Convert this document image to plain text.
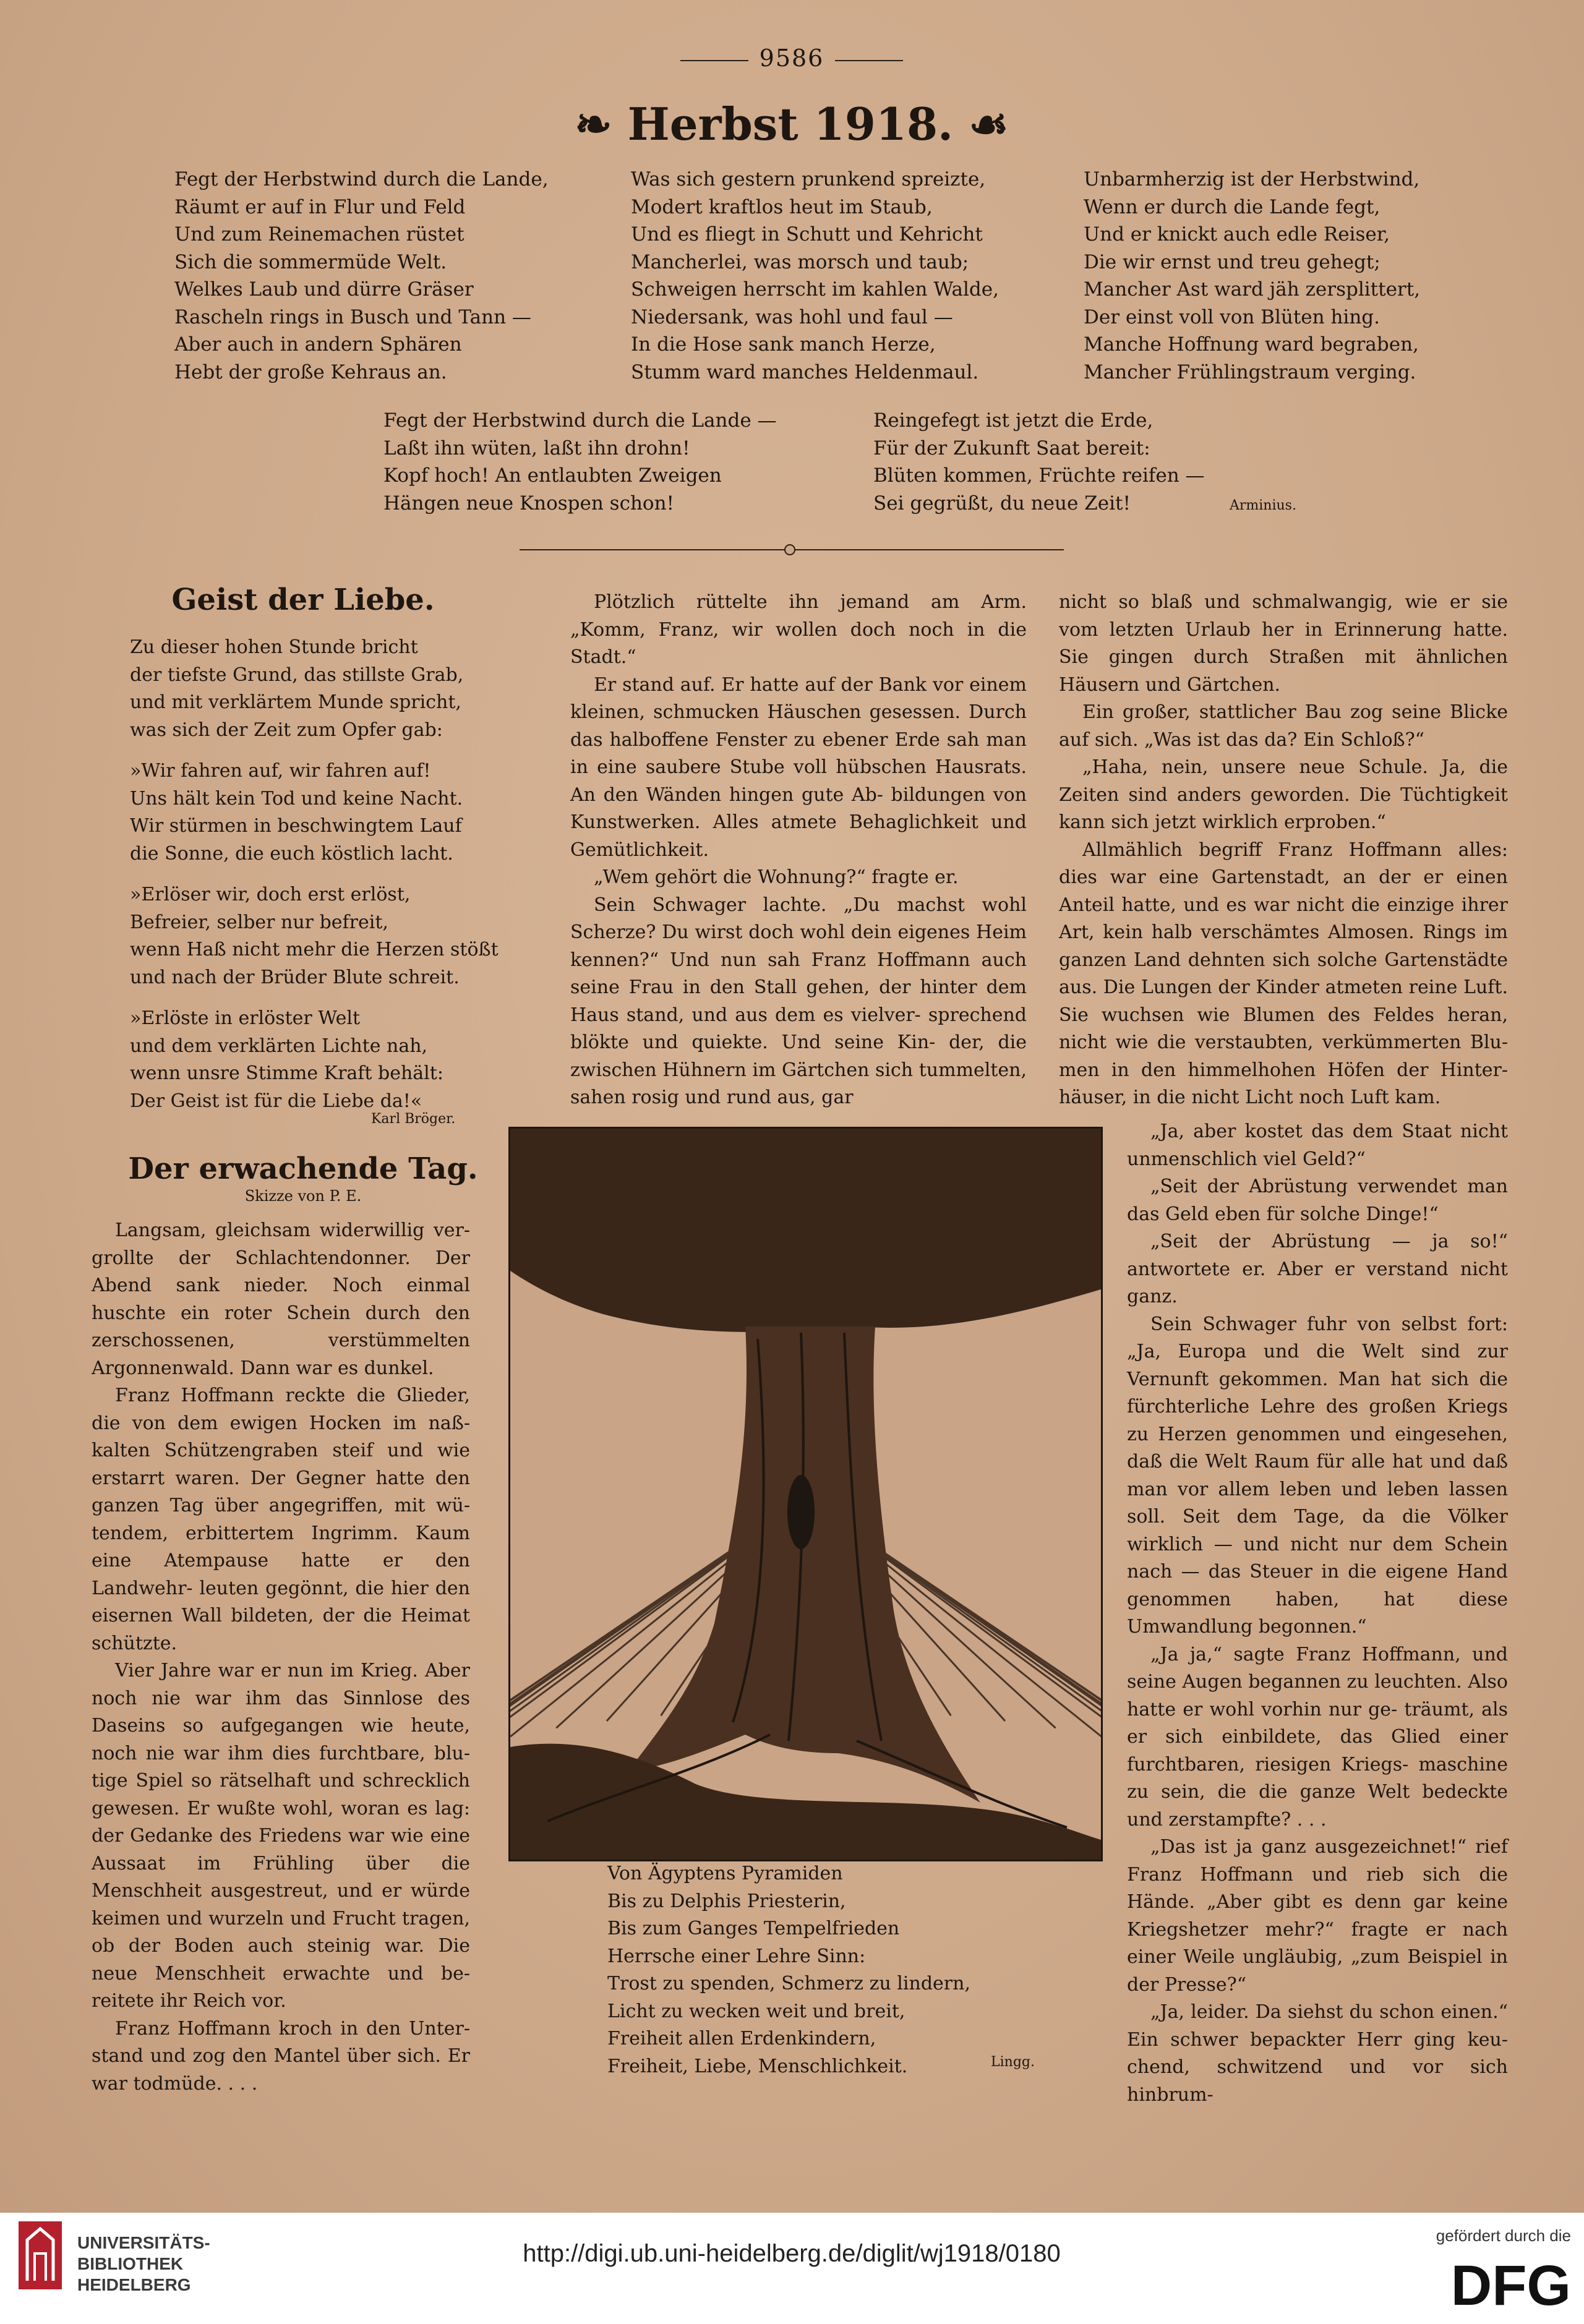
9586
❧ Herbst 1918. ☙

Fegt der Herbstwind durch die Lande,

Räumt er auf in Flur und Feld

Und zum Reinemachen rüstet

Sich die sommermüde Welt.

Welkes Laub und dürre Gräser

Rascheln rings in Busch und Tann —

Aber auch in andern Sphären

Hebt der große Kehraus an.

Was sich gestern prunkend spreizte,

Modert kraftlos heut im Staub,

Und es fliegt in Schutt und Kehricht

Mancherlei, was morsch und taub;

Schweigen herrscht im kahlen Walde,

Niedersank, was hohl und faul —

In die Hose sank manch Herze,

Stumm ward manches Heldenmaul.

Unbarmherzig ist der Herbstwind,

Wenn er durch die Lande fegt,

Und er knickt auch edle Reiser,

Die wir ernst und treu gehegt;

Mancher Ast ward jäh zersplittert,

Der einst voll von Blüten hing.

Manche Hoffnung ward begraben,

Mancher Frühlingstraum verging.

Fegt der Herbstwind durch die Lande —

Laßt ihn wüten, laßt ihn drohn!

Kopf hoch! An entlaubten Zweigen

Hängen neue Knospen schon!

Reingefegt ist jetzt die Erde,

Für der Zukunft Saat bereit:

Blüten kommen, Früchte reifen —

Sei gegrüßt, du neue Zeit!	Arminius.
Geist der Liebe.

Zu dieser hohen Stunde bricht

der tiefste Grund, das stillste Grab,

und mit verklärtem Munde spricht,

was sich der Zeit zum Opfer gab:

»Wir fahren auf, wir fahren auf!

Uns hält kein Tod und keine Nacht.

Wir stürmen in beschwingtem Lauf

die Sonne, die euch köstlich lacht.

»Erlöser wir, doch erst erlöst,

Befreier, selber nur befreit,

wenn Haß nicht mehr die Herzen stößt

und nach der Brüder Blute schreit.

»Erlöste in erlöster Welt

und dem verklärten Lichte nah,

wenn unsre Stimme Kraft behält:

Der Geist ist für die Liebe da!«

Karl Bröger.
Der erwachende Tag.
Skizze von P. E.

Langsam, gleichsam widerwillig ver- grollte der Schlachtendonner. Der Abend sank nieder. Noch einmal huschte ein roter Schein durch den zerschossenen, verstümmelten Argonnenwald. Dann war es dunkel.

Franz Hoffmann reckte die Glieder, die von dem ewigen Hocken im naß- kalten Schützengraben steif und wie erstarrt waren. Der Gegner hatte den ganzen Tag über angegriffen, mit wü- tendem, erbittertem Ingrimm. Kaum eine Atempause hatte er den Landwehr- leuten gegönnt, die hier den eisernen Wall bildeten, der die Heimat schützte.

Vier Jahre war er nun im Krieg. Aber noch nie war ihm das Sinnlose des Daseins so aufgegangen wie heute, noch nie war ihm dies furchtbare, blu- tige Spiel so rätselhaft und schrecklich gewesen. Er wußte wohl, woran es lag: der Gedanke des Friedens war wie eine Aussaat im Frühling über die Menschheit ausgestreut, und er würde keimen und wurzeln und Frucht tragen, ob der Boden auch steinig war. Die neue Menschheit erwachte und be- reitete ihr Reich vor.

Franz Hoffmann kroch in den Unter- stand und zog den Mantel über sich. Er war todmüde. . . .

Plötzlich rüttelte ihn jemand am Arm. „Komm, Franz, wir wollen doch noch in die Stadt.“

Er stand auf. Er hatte auf der Bank vor einem kleinen, schmucken Häuschen gesessen. Durch das halboffene Fenster zu ebener Erde sah man in eine saubere Stube voll hübschen Hausrats. An den Wänden hingen gute Ab- bildungen von Kunstwerken. Alles atmete Behaglichkeit und Gemütlichkeit.

„Wem gehört die Wohnung?“ fragte er.

Sein Schwager lachte. „Du machst wohl Scherze? Du wirst doch wohl dein eigenes Heim kennen?“ Und nun sah Franz Hoffmann auch seine Frau in den Stall gehen, der hinter dem Haus stand, und aus dem es vielver- sprechend blökte und quiekte. Und seine Kin- der, die zwischen Hühnern im Gärtchen sich tummelten, sahen rosig und rund aus, gar

nicht so blaß und schmalwangig, wie er sie vom letzten Urlaub her in Erinnerung hatte. Sie gingen durch Straßen mit ähnlichen Häusern und Gärtchen.

Ein großer, stattlicher Bau zog seine Blicke auf sich. „Was ist das da? Ein Schloß?“

„Haha, nein, unsere neue Schule. Ja, die Zeiten sind anders geworden. Die Tüchtigkeit kann sich jetzt wirklich erproben.“

Allmählich begriff Franz Hoffmann alles: dies war eine Gartenstadt, an der er einen Anteil hatte, und es war nicht die einzige ihrer Art, kein halb verschämtes Almosen. Rings im ganzen Land dehnten sich solche Gartenstädte aus. Die Lungen der Kinder atmeten reine Luft. Sie wuchsen wie Blumen des Feldes heran, nicht wie die verstaubten, verkümmerten Blu- men in den himmelhohen Höfen der Hinter- häuser, in die nicht Licht noch Luft kam.

„Ja, aber kostet das dem Staat nicht unmenschlich viel Geld?“

„Seit der Abrüstung verwendet man das Geld eben für solche Dinge!“

„Seit der Abrüstung — ja so!“ antwortete er. Aber er verstand nicht ganz.

Sein Schwager fuhr von selbst fort: „Ja, Europa und die Welt sind zur Vernunft gekommen. Man hat sich die fürchterliche Lehre des großen Kriegs zu Herzen genommen und eingesehen, daß die Welt Raum für alle hat und daß man vor allem leben und leben lassen soll. Seit dem Tage, da die Völker wirklich — und nicht nur dem Schein nach — das Steuer in die eigene Hand genommen haben, hat diese Umwandlung begonnen.“

„Ja ja,“ sagte Franz Hoffmann, und seine Augen begannen zu leuchten. Also hatte er wohl vorhin nur ge- träumt, als er sich einbildete, das Glied einer furchtbaren, riesigen Kriegs- maschine zu sein, die die ganze Welt bedeckte und zerstampfte? . . .

„Das ist ja ganz ausgezeichnet!“ rief Franz Hoffmann und rieb sich die Hände. „Aber gibt es denn gar keine Kriegshetzer mehr?“ fragte er nach einer Weile ungläubig, „zum Beispiel in der Presse?“

„Ja, leider. Da siehst du schon einen.“ Ein schwer bepackter Herr ging keu- chend, schwitzend und vor sich hinbrum-

Von Ägyptens Pyramiden

Bis zu Delphis Priesterin,

Bis zum Ganges Tempelfrieden

Herrsche einer Lehre Sinn:

Trost zu spenden, Schmerz zu lindern,

Licht zu wecken weit und breit,

Freiheit allen Erdenkindern,

Freiheit, Liebe, Menschlichkeit.	Lingg.
UNIVERSITÄTS-
BIBLIOTHEK
HEIDELBERG
http://digi.ub.uni-heidelberg.de/diglit/wj1918/0180
gefördert durch die
DFG
